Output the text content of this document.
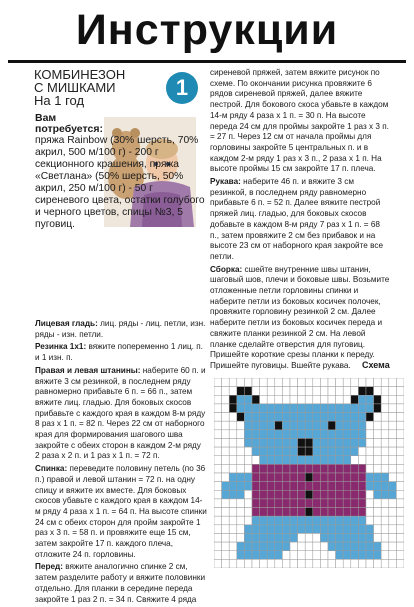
Инструкции
КОМБИНЕЗОН
С МИШКАМИ
На 1 год
1
Вам
потребуется:
пряжа Rainbow (30% шерсть, 70% акрил, 500 м/100 г) - 200 г секционного крашения, пряжа «Светлана» (50% шерсть, 50% акрил, 250 м/100 г) - 50 г сиреневого цвета, остатки голубого и черного цветов, спицы №3, 5 пуговиц.

Лицевая гладь: лиц. ряды - лиц. петли, изн. ряды - изн. петли.

Резинка 1х1: вяжите попеременно 1 лиц. п. и 1 изн. п.

Правая и левая штанины: наберите 60 п. и вяжите 3 см резинкой, в последнем ряду равномерно прибавьте 6 п. = 66 п., затем вяжите лиц. гладью. Для боковых скосов прибавьте с каждого края в каждом 8-м ряду 8 раз x 1 п. = 82 п. Через 22 см от наборного края для формирования шагового шва закройте с обеих сторон в каждом 2-м ряду 2 раза x 2 п. и 1 раз x 1 п. = 72 п.

Спинка: переведите половину петель (по 36 п.) правой и левой штанин = 72 п. на одну спицу и вяжите их вместе. Для боковых скосов убавьте с каждого края в каждом 14-м ряду 4 раза x 1 п. = 64 п. На высоте спинки 24 см с обеих сторон для пройм закройте 1 раз x 3 п. = 58 п. и провяжите еще 15 см, затем закройте 17 п. каждого плеча, отложите 24 п. горловины.

Перед: вяжите аналогично спинке 2 см, затем разделите работу и вяжите половинки отдельно. Для планки в середине переда закройте 1 раз 2 п. = 34 п. Свяжите 4 ряда

сиреневой пряжей, затем вяжите рисунок по схеме. По окончании рисунка провяжите 6 рядов сиреневой пряжей, далее вяжите пестрой. Для бокового скоса убавьте в каждом 14-м ряду 4 раза x 1 п. = 30 п. На высоте переда 24 см для проймы закройте 1 раз x 3 п. = 27 п. Через 12 см от начала проймы для горловины закройте 5 центральных п. и в каждом 2-м ряду 1 раз x 3 п., 2 раза x 1 п. На высоте проймы 15 см закройте 17 п. плеча.

Рукава: наберите 46 п. и вяжите 3 см резинкой, в последнем ряду равномерно прибавьте 6 п. = 52 п. Далее вяжите пестрой пряжей лиц. гладью, для боковых скосов добавьте в каждом 8-м ряду 7 раз x 1 п. = 68 п., затем провяжите 2 см без прибавок и на высоте 23 см от наборного края закройте все петли.

Сборка: сшейте внутренние швы штанин, шаговый шов, плечи и боковые швы. Возьмите отложенные петли горловины спинки и наберите петли из боковых косичек полочек, провяжите горловину резинкой 2 см. Далее наберите петли из боковых косичек переда и свяжите планки резинкой 2 см. На левой планке сделайте отверстия для пуговиц. Пришейте короткие срезы планки к переду. Пришейте пуговицы. Вшейте рукава.	Схема
